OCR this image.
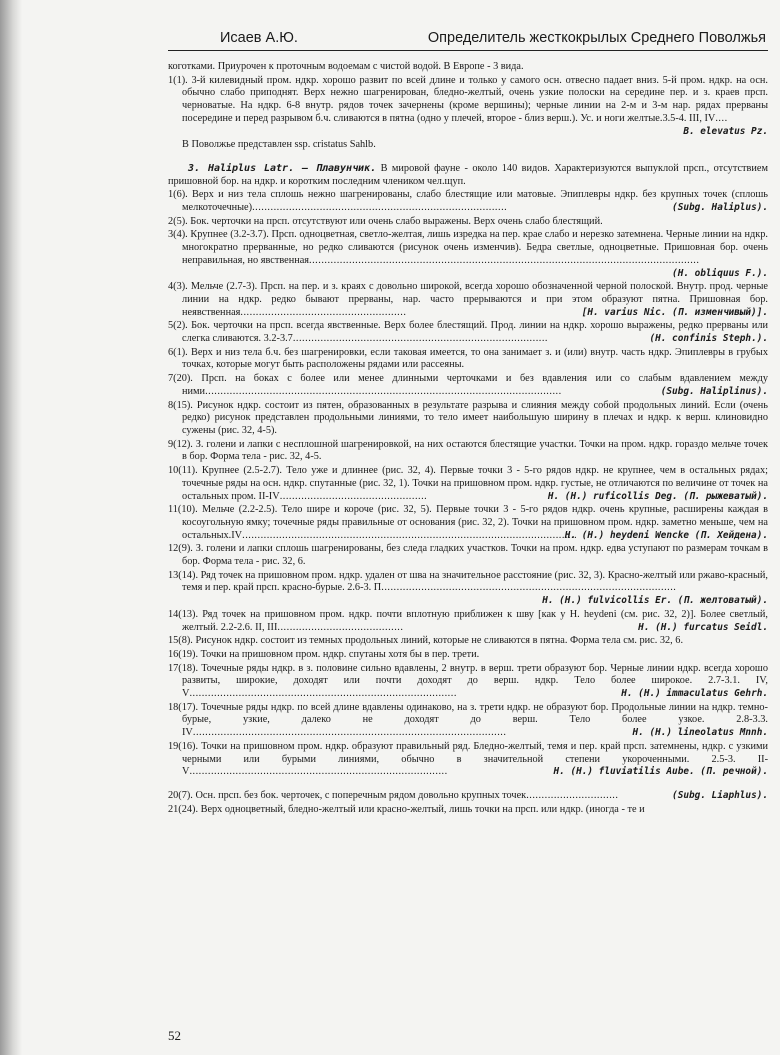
Исаев А.Ю.	Определитель жесткокрылых Среднего Поволжья
коготками. Приурочен к проточным водоемам с чистой водой. В Европе - 3 вида.
1(1). 3-й килевидный пром. ндкр. хорошо развит по всей длине и только у самого осн. отвесно падает вниз. 5-й пром. ндкр. на осн. обычно слабо приподнят. Верх нежно шагренирован, бледно-желтый, очень узкие полоски на середине пер. и з. краев прсп. черноватые. На ндкр. 6-8 внутр. рядов точек зачернены (кроме вершины); черные линии на 2-м и 3-м нар. рядах прерваны посередине и перед разрывом б.ч. сливаются в пятна (одно у плечей, второе - близ верш.). Ус. и ноги желтые.3.5-4. III, IV....
B. elevatus Pz.
В Поволжье представлен ssp. cristatus Sahlb.
3. Haliplus Latr. – Плавунчик. В мировой фауне - около 140 видов. Характеризуются выпуклой прсп., отсутствием пришовной бор. на ндкр. и коротким последним члеником чел.щуп.
1(6). Верх и низ тела сплошь нежно шагренированы, слабо блестящие или матовые. Эпиплевры ндкр. без крупных точек (сплошь мелкоточечные)...................................................................................	(Subg. Haliplus).
2(5). Бок. черточки на прсп. отсутствуют или очень слабо выражены. Верх очень слабо блестящий.
3(4). Крупнее (3.2-3.7). Прсп. одноцветная, светло-желтая, лишь изредка на пер. крае слабо и нерезко затемнена. Черные линии на ндкр. многократно прерванные, но редко сливаются (рисунок очень изменчив). Бедра светлые, одноцветные. Пришовная бор. очень неправильная, но явственная...............................................................................................................................
(H. obliquus F.).
4(3). Мельче (2.7-3). Прсп. на пер. и з. краях с довольно широкой, всегда хорошо обозначенной черной полоской. Внутр. прод. черные линии на ндкр. редко бывают прерваны, нар. часто прерываются и при этом образуют пятна. Пришовная бор. неявственная......................................................	[H. varius Nic. (П. изменчивый)].
5(2). Бок. черточки на прсп. всегда явственные. Верх более блестящий. Прод. линии на ндкр. хорошо выражены, редко прерваны или слегка сливаются. 3.2-3.7...................................................................................	(H. confinis Steph.).
6(1). Верх и низ тела б.ч. без шагренировки, если таковая имеется, то она занимает з. и (или) внутр. часть ндкр. Эпиплевры в грубых точках, которые могут быть расположены рядами или рассеяны.
7(20). Прсп. на боках с более или менее длинными черточками и без вдавления или со слабым вдавлением между ними....................................................................................................................	(Subg. Haliplinus).
8(15). Рисунок ндкр. состоит из пятен, образованных в результате разрыва и слияния между собой продольных линий. Если (очень редко) рисунок представлен продольными линиями, то тело имеет наибольшую ширину в плечах и ндкр. к верш. клиновидно сужены (рис. 32, 4-5).
9(12). З. голени и лапки с несплошной шагренировкой, на них остаются блестящие участки. Точки на пром. ндкр. гораздо мельче точек в бор. Форма тела - рис. 32, 4-5.
10(11). Крупнее (2.5-2.7). Тело уже и длиннее (рис. 32, 4). Первые точки 3 - 5-го рядов ндкр. не крупнее, чем в остальных рядах; точечные ряды на осн. ндкр. спутанные (рис. 32, 1). Точки на пришовном пром. ндкр. густые, не отличаются по величине от точек на остальных пром. II-IV................................................	H. (H.) ruficollis Deg. (П. рыжеватый).
11(10). Мельче (2.2-2.5). Тело шире и короче (рис. 32, 5). Первые точки 3 - 5-го рядов ндкр. очень крупные, расширены каждая в косоугольную ямку; точечные ряды правильные от основания (рис. 32, 2). Точки на пришовном пром. ндкр. заметно меньше, чем на остальных.IV.............................................................................................................
H. (H.) heydeni Wencke (П. Хейдена).
12(9). З. голени и лапки сплошь шагренированы, без следа гладких участков. Точки на пром. ндкр. едва уступают по размерам точкам в бор. Форма тела - рис. 32, 6.
13(14). Ряд точек на пришовном пром. ндкр. удален от шва на значительное расстояние (рис. 32, 3). Красно-желтый или ржаво-красный, темя и пер. край прсп. красно-бурые. 2.6-3. П................................................................................................
H. (H.) fulvicollis Er. (П. желтоватый).
14(13). Ряд точек на пришовном пром. ндкр. почти вплотную приближен к шву [как у H. heydeni (см. рис. 32, 2)]. Более светлый, желтый. 2.2-2.6. II, III.........................................	H. (H.) furcatus Seidl.
15(8). Рисунок ндкр. состоит из темных продольных линий, которые не сливаются в пятна. Форма тела см. рис. 32, 6.
16(19). Точки на пришовном пром. ндкр. спутаны хотя бы в пер. трети.
17(18). Точечные ряды ндкр. в з. половине сильно вдавлены, 2 внутр. в верш. трети образуют бор. Черные линии ндкр. всегда хорошо развиты, широкие, доходят или почти доходят до верш. ндкр. Тело более широкое. 2.7-3.1. IV, V.......................................................................................	H. (H.) immaculatus Gehrh.
18(17). Точечные ряды ндкр. по всей длине вдавлены одинаково, на з. трети ндкр. не образуют бор. Продольные линии на ндкр. темно-бурые, узкие, далеко не доходят до верш. Тело более узкое. 2.8-3.3. IV......................................................................................................	H. (H.) lineolatus Mnnh.
19(16). Точки на пришовном пром. ндкр. образуют правильный ряд. Бледно-желтый, темя и пер. край прсп. затемнены, ндкр. с узкими черными или бурыми линиями, обычно в значительной степени укороченными. 2.5-3. II-V....................................................................................	H. (H.) fluviatilis Aube. (П. речной).
20(7). Осн. прсп. без бок. черточек, с поперечным рядом довольно крупных точек..............................	(Subg. Liaphlus).
21(24). Верх одноцветный, бледно-желтый или красно-желтый, лишь точки на прсп. или ндкр. (иногда - те и
52
